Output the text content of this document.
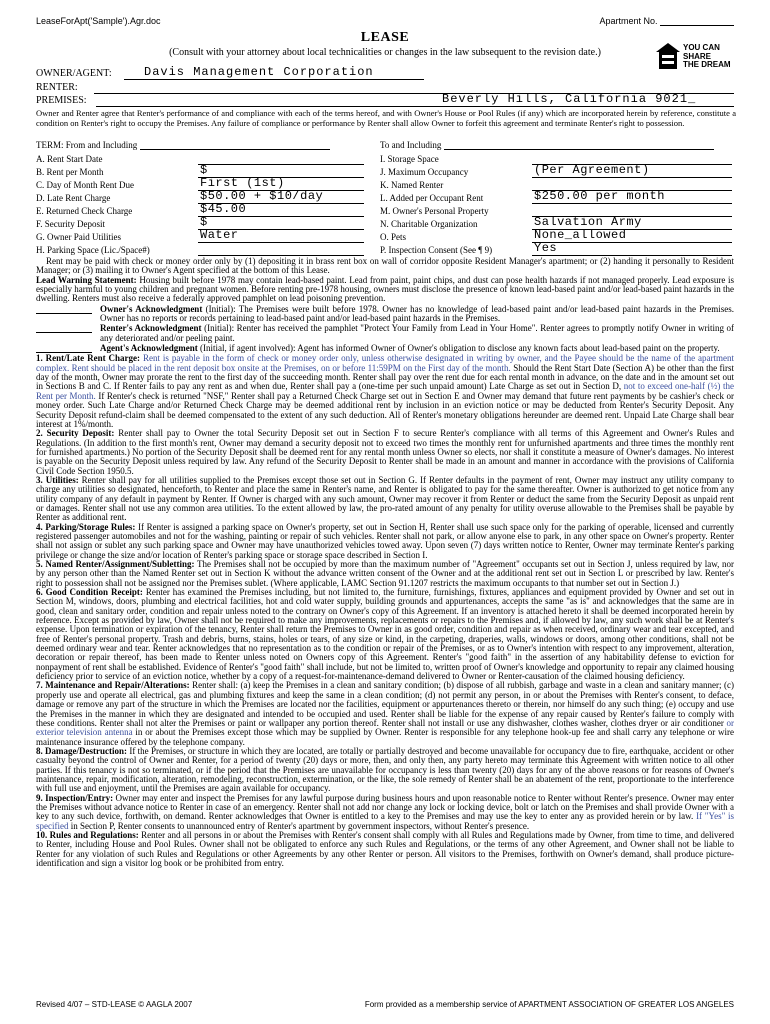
LeaseForApt('Sample').Agr.doc	Apartment No.
LEASE
(Consult with your attorney about local technicalities or changes in the law subsequent to the revision date.)	YOU CAN
SHARE
THE DREAM
OWNER/AGENT:	Davis Management Corporation
RENTER:
PREMISES:	Beverly Hills, California 9021_
Owner and Renter agree that Renter's performance of and compliance with each of the terms hereof, and with Owner's House or Pool Rules (if any) which are incorporated herein by reference, constitute a condition on Renter's right to occupy the Premises. Any failure of compliance or performance by Renter shall allow Owner to forfeit this agreement and terminate Renter's right to possession.
TERM: From and Including	To and Including
A. Rent Start Date
B. Rent per Month	$
C. Day of Month Rent Due	First (1st)
D. Late Rent Charge	$50.00 + $10/day
E. Returned Check Charge	$45.00
F. Security Deposit	$
G. Owner Paid Utilities	Water
H. Parking Space (Lic./Space#)
I. Storage Space
J. Maximum Occupancy	(Per Agreement)
K. Named Renter
L. Added per Occupant Rent	$250.00 per month
M. Owner's Personal Property
N. Charitable Organization	Salvation Army
O. Pets	None_allowed
P. Inspection Consent (See ¶ 9)	Yes

Rent may be paid with check or money order only by (1) depositing it in brass rent box on wall of corridor opposite Resident Manager's apartment; or (2) handing it personally to Resident Manager; or (3) mailing it to Owner's Agent specified at the bottom of this Lease.

Lead Warning Statement: Housing built before 1978 may contain lead-based paint. Lead from paint, paint chips, and dust can pose health hazards if not managed properly. Lead exposure is especially harmful to young children and pregnant women. Before renting pre-1978 housing, owners must disclose the presence of known lead-based paint and/or lead-based paint hazards in the dwelling. Renters must also receive a federally approved pamphlet on lead poisoning prevention.

Owner's Acknowledgment (Initial): The Premises were built before 1978. Owner has no knowledge of lead-based paint and/or lead-based paint hazards in the Premises. Owner has no reports or records pertaining to lead-based paint and/or lead-based paint hazards in the Premises.
Renter's Acknowledgment (Initial): Renter has received the pamphlet "Protect Your Family from Lead in Your Home". Renter agrees to promptly notify Owner in writing of any deteriorated and/or peeling paint.
Agent's Acknowledgment (Initial, if agent involved): Agent has informed Owner of Owner's obligation to disclose any known facts about lead-based paint on the property.

1. Rent/Late Rent Charge: Rent is payable in the form of check or money order only, unless otherwise designated in writing by owner, and the Payee should be the name of the apartment complex. Rent should be placed in the rent deposit box onsite at the Premises, on or before 11:59PM on the First day of the month. Should the Rent Start Date (Section A) be other than the first day of the month, Owner may prorate the rent to the first day of the succeeding month. Renter shall pay over the rent due for each rental month in advance, on the date and in the amount set out in Sections B and C. If Renter fails to pay any rent as and when due, Renter shall pay a (one-time per such unpaid amount) Late Charge as set out in Section D, not to exceed one-half (½) the Rent per Month. If Renter's check is returned "NSF," Renter shall pay a Returned Check Charge set out in Section E and Owner may demand that future rent payments by be cashier's check or money order. Such Late Charge and/or Returned Check Charge may be deemed additional rent by inclusion in an eviction notice or may be deducted from Renter's Security Deposit. Any Security Deposit refund-claim shall be deemed compensated to the extent of any such deduction. All of Renter's monetary obligations hereunder are deemed rent. Unpaid Late Charge shall bear interest at 1%/month.

2. Security Deposit: Renter shall pay to Owner the total Security Deposit set out in Section F to secure Renter's compliance with all terms of this Agreement and Owner's Rules and Regulations. (In addition to the first month's rent, Owner may demand a security deposit not to exceed two times the monthly rent for unfurnished apartments and three times the monthly rent for furnished apartments.) No portion of the Security Deposit shall be deemed rent for any rental month unless Owner so elects, nor shall it constitute a measure of Owner's damages. No interest is payable on the Security Deposit unless required by law. Any refund of the Security Deposit to Renter shall be made in an amount and manner in accordance with the provisions of California Civil Code Section 1950.5.

3. Utilities: Renter shall pay for all utilities supplied to the Premises except those set out in Section G. If Renter defaults in the payment of rent, Owner may instruct any utility company to charge any utilities so designated, henceforth, to Renter and place the same in Renter's name, and Renter is obligated to pay for the same thereafter. Owner is authorized to get notice from any utility company of any default in payment by Renter. If Owner is charged with any such amount, Owner may recover it from Renter or deduct the same from the Security Deposit as unpaid rent or damages. Renter shall not use any common area utilities. To the extent allowed by law, the pro-rated amount of any penalty for utility overuse allowable to the Premises shall be payable by Renter as additional rent.

4. Parking/Storage Rules: If Renter is assigned a parking space on Owner's property, set out in Section H, Renter shall use such space only for the parking of operable, licensed and currently registered passenger automobiles and not for the washing, painting or repair of such vehicles. Renter shall not park, or allow anyone else to park, in any other space on Owner's property. Renter shall not assign or sublet any such parking space and Owner may have unauthorized vehicles towed away. Upon seven (7) days written notice to Renter, Owner may terminate Renter's parking privilege or change the size and/or location of Renter's parking space or storage space described in Section I.

5. Named Renter/Assignment/Subletting: The Premises shall not be occupied by more than the maximum number of "Agreement" occupants set out in Section J, unless required by law, nor by any person other than the Named Renter set out in Section K without the advance written consent of the Owner and at the additional rent set out in Section L or prescribed by law. Renter's right to possession shall not be assigned nor the Premises sublet. (Where applicable, LAMC Section 91.1207 restricts the maximum occupants to that number set out in Section J.)

6. Good Condition Receipt: Renter has examined the Premises including, but not limited to, the furniture, furnishings, fixtures, appliances and equipment provided by Owner and set out in Section M, windows, doors, plumbing and electrical facilities, hot and cold water supply, building grounds and appurtenances, accepts the same "as is" and acknowledges that the same are in good, clean and sanitary order, condition and repair unless noted to the contrary on Owner's copy of this Agreement. If an inventory is attached hereto it shall be deemed incorporated herein by reference. Except as provided by law, Owner shall not be required to make any improvements, replacements or repairs to the Premises and, if allowed by law, any such work shall be at Renter's expense. Upon termination or expiration of the tenancy, Renter shall return the Premises to Owner in as good order, condition and repair as when received, ordinary wear and tear excepted, and free of Renter's personal property. Trash and debris, burns, stains, holes or tears, of any size or kind, in the carpeting, draperies, walls, windows or doors, among other conditions, shall not be deemed ordinary wear and tear. Renter acknowledges that no representation as to the condition or repair of the Premises, or as to Owner's intention with respect to any improvement, alteration, decoration or repair thereof, has been made to Renter unless noted on Owners copy of this Agreement. Renter's "good faith" in the assertion of any habitability defense to eviction for nonpayment of rent shall be established. Evidence of Renter's "good faith" shall include, but not be limited to, written proof of Owner's knowledge and opportunity to repair any claimed housing deficiency prior to service of an eviction notice, whether by a copy of a request-for-maintenance-demand delivered to Owner or Renter-causation of the claimed housing deficiency.

7. Maintenance and Repair/Alterations: Renter shall: (a) keep the Premises in a clean and sanitary condition; (b) dispose of all rubbish, garbage and waste in a clean and sanitary manner; (c) properly use and operate all electrical, gas and plumbing fixtures and keep the same in a clean condition; (d) not permit any person, in or about the Premises with Renter's consent, to deface, damage or remove any part of the structure in which the Premises are located nor the facilities, equipment or appurtenances thereto or therein, nor himself do any such thing; (e) occupy and use the Premises in the manner in which they are designated and intended to be occupied and used. Renter shall be liable for the expense of any repair caused by Renter's failure to comply with these conditions. Renter shall not alter the Premises or paint or wallpaper any portion thereof. Renter shall not install or use any dishwasher, clothes washer, clothes dryer or air conditioner or exterior television antenna in or about the Premises except those which may be supplied by Owner. Renter is responsible for any telephone hook-up fee and shall carry any telephone or wire maintenance insurance offered by the telephone company.

8. Damage/Destruction: If the Premises, or structure in which they are located, are totally or partially destroyed and become unavailable for occupancy due to fire, earthquake, accident or other casualty beyond the control of Owner and Renter, for a period of twenty (20) days or more, then, and only then, any party hereto may terminate this Agreement with written notice to all other parties. If this tenancy is not so terminated, or if the period that the Premises are unavailable for occupancy is less than twenty (20) days for any of the above reasons or for reasons of Owner's maintenance, repair, modification, alteration, remodeling, reconstruction, extermination, or the like, the sole remedy of Renter shall be an abatement of the rent, proportionate to the interference with full use and enjoyment, until the Premises are again available for occupancy.

9. Inspection/Entry: Owner may enter and inspect the Premises for any lawful purpose during business hours and upon reasonable notice to Renter without Renter's presence. Owner may enter the Premises without advance notice to Renter in case of an emergency. Renter shall not add nor change any lock or locking device, bolt or latch on the Premises and shall provide Owner with a key to any such device, forthwith, on demand. Renter acknowledges that Owner is entitled to a key to the Premises and may use the key to enter any as provided herein or by law. If "Yes" is specified in Section P, Renter consents to unannounced entry of Renter's apartment by government inspectors, without Renter's presence.

10. Rules and Regulations: Renter and all persons in or about the Premises with Renter's consent shall comply with all Rules and Regulations made by Owner, from time to time, and delivered to Renter, including House and Pool Rules. Owner shall not be obligated to enforce any such Rules and Regulations, or the terms of any other Agreement, and Owner shall not be liable to Renter for any violation of such Rules and Regulations or other Agreements by any other Renter or person. All visitors to the Premises, forthwith on Owner's demand, shall produce picture-identification and sign a visitor log book or be prohibited from entry.

Revised 4/07 – STD-LEASE © AAGLA 2007	Form provided as a membership service of APARTMENT ASSOCIATION OF GREATER LOS ANGELES
